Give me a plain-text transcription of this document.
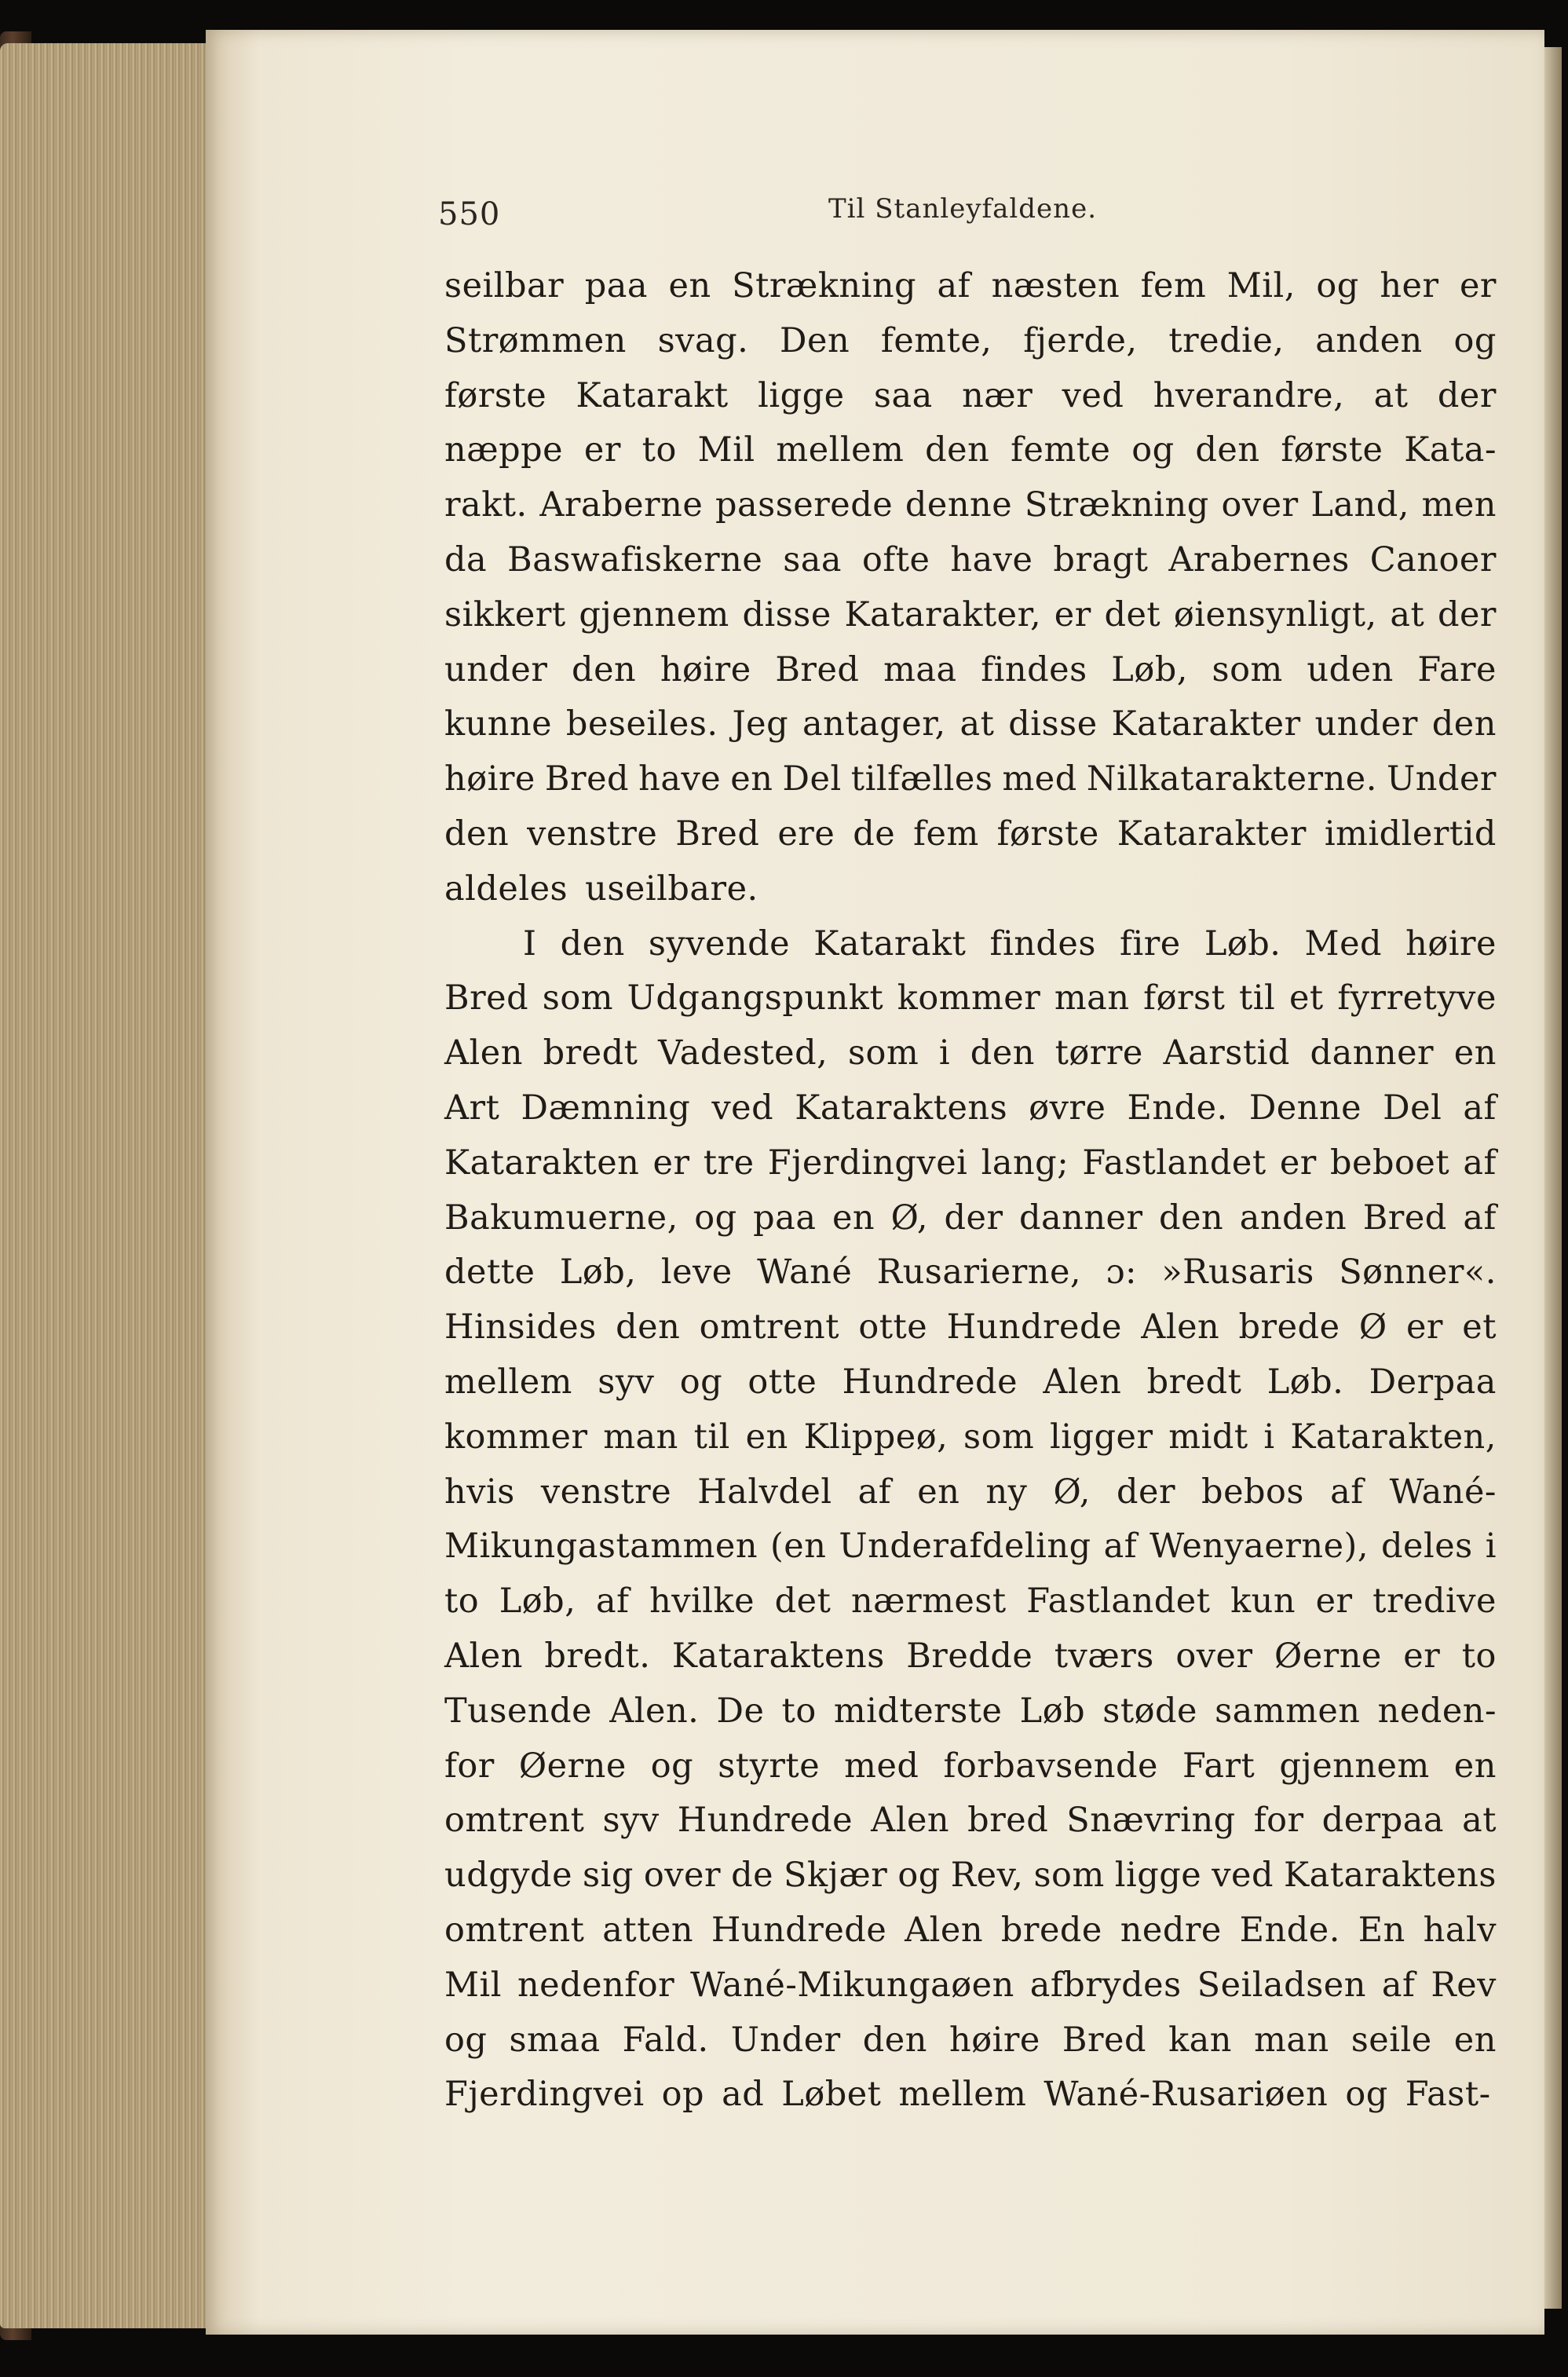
550	Til Stanleyfaldene.
seilbar paa en Strækning af næsten fem Mil, og her er
Strømmen svag. Den femte, fjerde, tredie, anden og
første Katarakt ligge saa nær ved hverandre, at der
næppe er to Mil mellem den femte og den første Kata-
rakt. Araberne passerede denne Strækning over Land, men
da Baswafiskerne saa ofte have bragt Arabernes Canoer
sikkert gjennem disse Katarakter, er det øiensynligt, at der
under den høire Bred maa findes Løb, som uden Fare
kunne beseiles. Jeg antager, at disse Katarakter under den
høire Bred have en Del tilfælles med Nilkatarakterne. Under
den venstre Bred ere de fem første Katarakter imidlertid
aldeles useilbare.
I den syvende Katarakt findes fire Løb. Med høire
Bred som Udgangspunkt kommer man først til et fyrretyve
Alen bredt Vadested, som i den tørre Aarstid danner en
Art Dæmning ved Kataraktens øvre Ende. Denne Del af
Katarakten er tre Fjerdingvei lang; Fastlandet er beboet af
Bakumuerne, og paa en Ø, der danner den anden Bred af
dette Løb, leve Wané Rusarierne, ɔ: »Rusaris Sønner«.
Hinsides den omtrent otte Hundrede Alen brede Ø er et
mellem syv og otte Hundrede Alen bredt Løb. Derpaa
kommer man til en Klippeø, som ligger midt i Katarakten,
hvis venstre Halvdel af en ny Ø, der bebos af Wané-
Mikungastammen (en Underafdeling af Wenyaerne), deles i
to Løb, af hvilke det nærmest Fastlandet kun er tredive
Alen bredt. Kataraktens Bredde tværs over Øerne er to
Tusende Alen. De to midterste Løb støde sammen neden-
for Øerne og styrte med forbavsende Fart gjennem en
omtrent syv Hundrede Alen bred Snævring for derpaa at
udgyde sig over de Skjær og Rev, som ligge ved Kataraktens
omtrent atten Hundrede Alen brede nedre Ende. En halv
Mil nedenfor Wané-Mikungaøen afbrydes Seiladsen af Rev
og smaa Fald. Under den høire Bred kan man seile en
Fjerdingvei op ad Løbet mellem Wané-Rusariøen og Fast-
